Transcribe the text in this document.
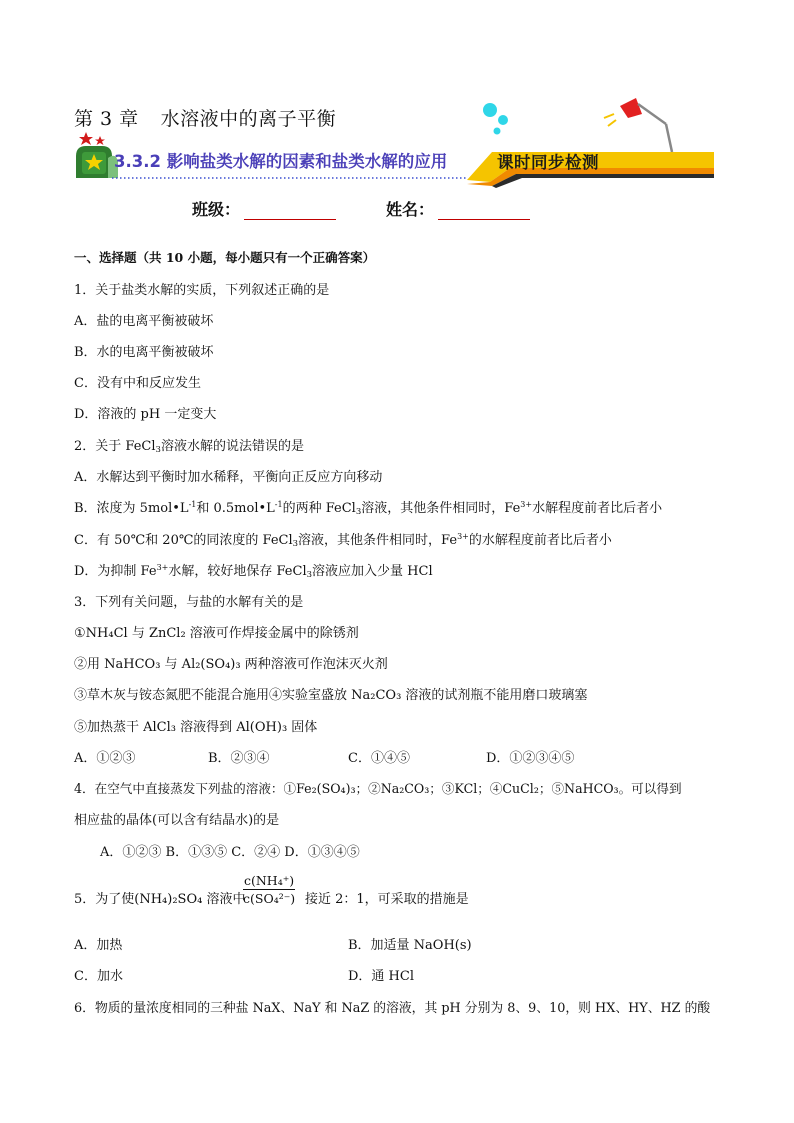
第 3 章 水溶液中的离子平衡
3.3.2 影响盐类水解的因素和盐类水解的应用	课时同步检测
班级：	姓名：
一、选择题（共 10 小题，每小题只有一个正确答案）
1．关于盐类水解的实质，下列叙述正确的是
A．盐的电离平衡被破坏
B．水的电离平衡被破坏
C．没有中和反应发生
D．溶液的 pH 一定变大
2．关于 FeCl$_3$溶液水解的说法错误的是
A．水解达到平衡时加水稀释，平衡向正反应方向移动
B．浓度为 $5mol•L^{-1}$和 $0.5mol•L^{-1}$的两种 FeCl$_3$溶液，其他条件相同时，$Fe^{3+}$水解程度前者比后者小
C．有 50℃和 20℃的同浓度的 FeCl$_3$溶液，其他条件相同时，$Fe^{3+}$的水解程度前者比后者小
D．为抑制 $Fe^{3+}$水解，较好地保存 FeCl$_3$溶液应加入少量 HCl
3．下列有关问题，与盐的水解有关的是
①NH₄Cl 与 ZnCl₂ 溶液可作焊接金属中的除锈剂
②用 NaHCO₃ 与 Al₂(SO₄)₃ 两种溶液可作泡沫灭火剂
③草木灰与铵态氮肥不能混合施用④实验室盛放 Na₂CO₃ 溶液的试剂瓶不能用磨口玻璃塞
⑤加热蒸干 AlCl₃ 溶液得到 Al(OH)₃ 固体
A．①②③	B．②③④	C．①④⑤	D．①②③④⑤
4．在空气中直接蒸发下列盐的溶液：①Fe₂(SO₄)₃；②Na₂CO₃；③KCl；④CuCl₂；⑤NaHCO₃。可以得到
相应盐的晶体(可以含有结晶水)的是
A．①②③ B．①③⑤ C．②④ D．①③④⑤
5．为了使(NH₄)₂SO₄ 溶液中
c(NH₄⁺)
c(SO₄²⁻) 接近 2：1，可采取的措施是
A．加热	B．加适量 NaOH(s)
C．加水	D．通 HCl
6．物质的量浓度相同的三种盐 NaX、NaY 和 NaZ 的溶液，其 pH 分别为 8、9、10，则 HX、HY、HZ 的酸
